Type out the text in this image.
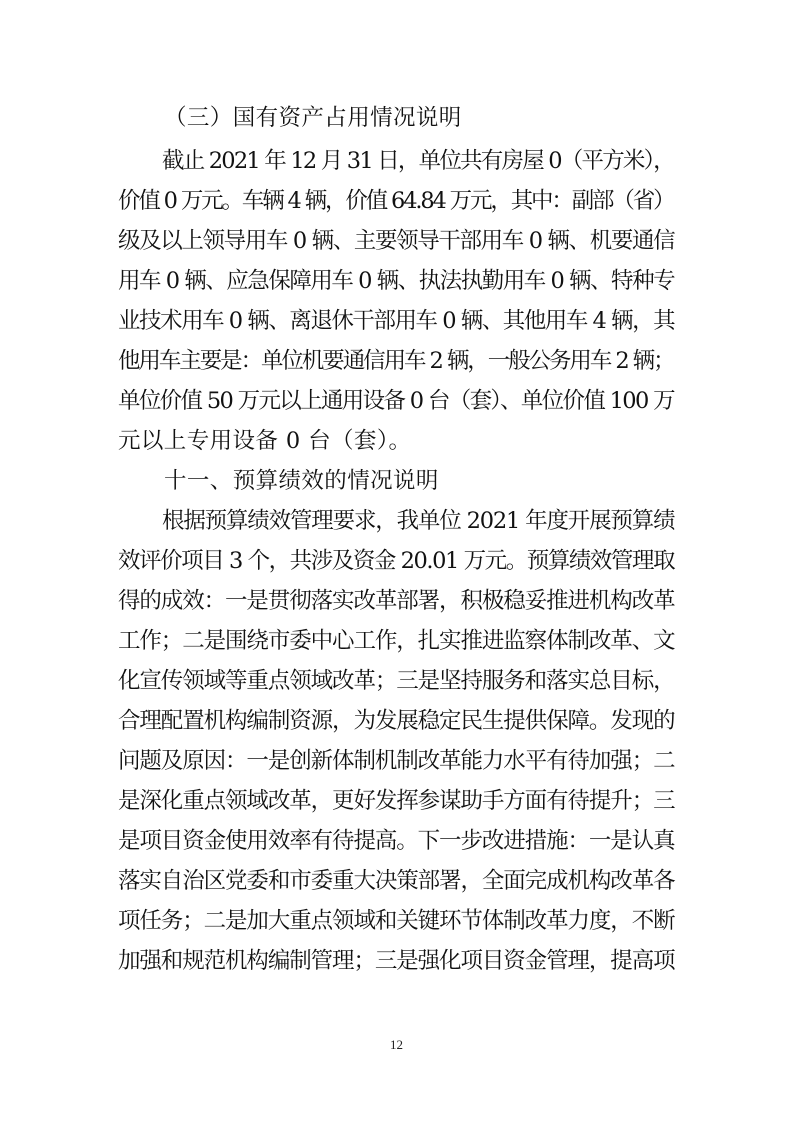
（三）国有资产占用情况说明
截止 2021 年 12 月 31 日，单位共有房屋 0（平方米），
价值 0 万元。车辆 4 辆，价值 64.84 万元，其中：副部（省）
级及以上领导用车 0 辆、主要领导干部用车 0 辆、机要通信
用车 0 辆、应急保障用车 0 辆、执法执勤用车 0 辆、特种专
业技术用车 0 辆、离退休干部用车 0 辆、其他用车 4 辆，其
他用车主要是：单位机要通信用车 2 辆，一般公务用车 2 辆；
单位价值 50 万元以上通用设备 0 台（套）、单位价值 100 万
元以上专用设备 0 台（套）。
十一、预算绩效的情况说明
根据预算绩效管理要求，我单位 2021 年度开展预算绩
效评价项目 3 个，共涉及资金 20.01 万元。预算绩效管理取
得的成效：一是贯彻落实改革部署，积极稳妥推进机构改革
工作；二是围绕市委中心工作，扎实推进监察体制改革、文
化宣传领域等重点领域改革；三是坚持服务和落实总目标，
合理配置机构编制资源，为发展稳定民生提供保障。发现的
问题及原因：一是创新体制机制改革能力水平有待加强；二
是深化重点领域改革，更好发挥参谋助手方面有待提升；三
是项目资金使用效率有待提高。下一步改进措施：一是认真
落实自治区党委和市委重大决策部署，全面完成机构改革各
项任务；二是加大重点领域和关键环节体制改革力度，不断
加强和规范机构编制管理；三是强化项目资金管理，提高项
12
